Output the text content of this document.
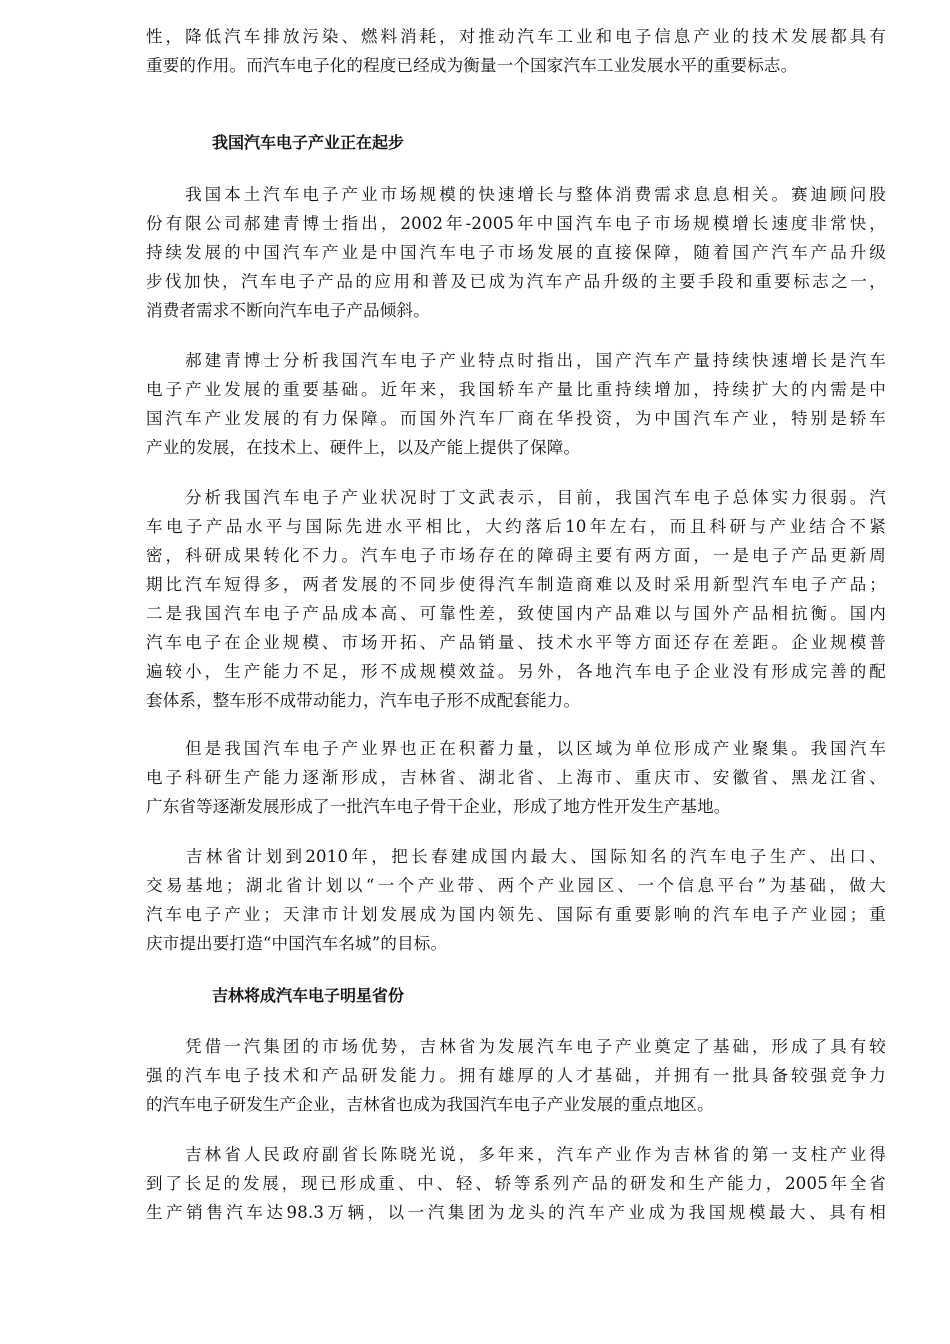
性，降低汽车排放污染、燃料消耗，对推动汽车工业和电子信息产业的技术发展都具有
重要的作用。而汽车电子化的程度已经成为衡量一个国家汽车工业发展水平的重要标志。
我国汽车电子产业正在起步
　　我国本土汽车电子产业市场规模的快速增长与整体消费需求息息相关。赛迪顾问股
份有限公司郝建青博士指出，2002年-2005年中国汽车电子市场规模增长速度非常快，
持续发展的中国汽车产业是中国汽车电子市场发展的直接保障，随着国产汽车产品升级
步伐加快，汽车电子产品的应用和普及已成为汽车产品升级的主要手段和重要标志之一，
消费者需求不断向汽车电子产品倾斜。
　　郝建青博士分析我国汽车电子产业特点时指出，国产汽车产量持续快速增长是汽车
电子产业发展的重要基础。近年来，我国轿车产量比重持续增加，持续扩大的内需是中
国汽车产业发展的有力保障。而国外汽车厂商在华投资，为中国汽车产业，特别是轿车
产业的发展，在技术上、硬件上，以及产能上提供了保障。
　　分析我国汽车电子产业状况时丁文武表示，目前，我国汽车电子总体实力很弱。汽
车电子产品水平与国际先进水平相比，大约落后10年左右，而且科研与产业结合不紧
密，科研成果转化不力。汽车电子市场存在的障碍主要有两方面，一是电子产品更新周
期比汽车短得多，两者发展的不同步使得汽车制造商难以及时采用新型汽车电子产品；
二是我国汽车电子产品成本高、可靠性差，致使国内产品难以与国外产品相抗衡。国内
汽车电子在企业规模、市场开拓、产品销量、技术水平等方面还存在差距。企业规模普
遍较小，生产能力不足，形不成规模效益。另外，各地汽车电子企业没有形成完善的配
套体系，整车形不成带动能力，汽车电子形不成配套能力。
　　但是我国汽车电子产业界也正在积蓄力量，以区域为单位形成产业聚集。我国汽车
电子科研生产能力逐渐形成，吉林省、湖北省、上海市、重庆市、安徽省、黑龙江省、
广东省等逐渐发展形成了一批汽车电子骨干企业，形成了地方性开发生产基地。
　　吉林省计划到2010年，把长春建成国内最大、国际知名的汽车电子生产、出口、
交易基地；湖北省计划以“一个产业带、两个产业园区、一个信息平台”为基础，做大
汽车电子产业；天津市计划发展成为国内领先、国际有重要影响的汽车电子产业园；重
庆市提出要打造“中国汽车名城”的目标。
吉林将成汽车电子明星省份
　　凭借一汽集团的市场优势，吉林省为发展汽车电子产业奠定了基础，形成了具有较
强的汽车电子技术和产品研发能力。拥有雄厚的人才基础，并拥有一批具备较强竞争力
的汽车电子研发生产企业，吉林省也成为我国汽车电子产业发展的重点地区。
　　吉林省人民政府副省长陈晓光说，多年来，汽车产业作为吉林省的第一支柱产业得
到了长足的发展，现已形成重、中、轻、轿等系列产品的研发和生产能力，2005年全省
生产销售汽车达98.3万辆，以一汽集团为龙头的汽车产业成为我国规模最大、具有相
